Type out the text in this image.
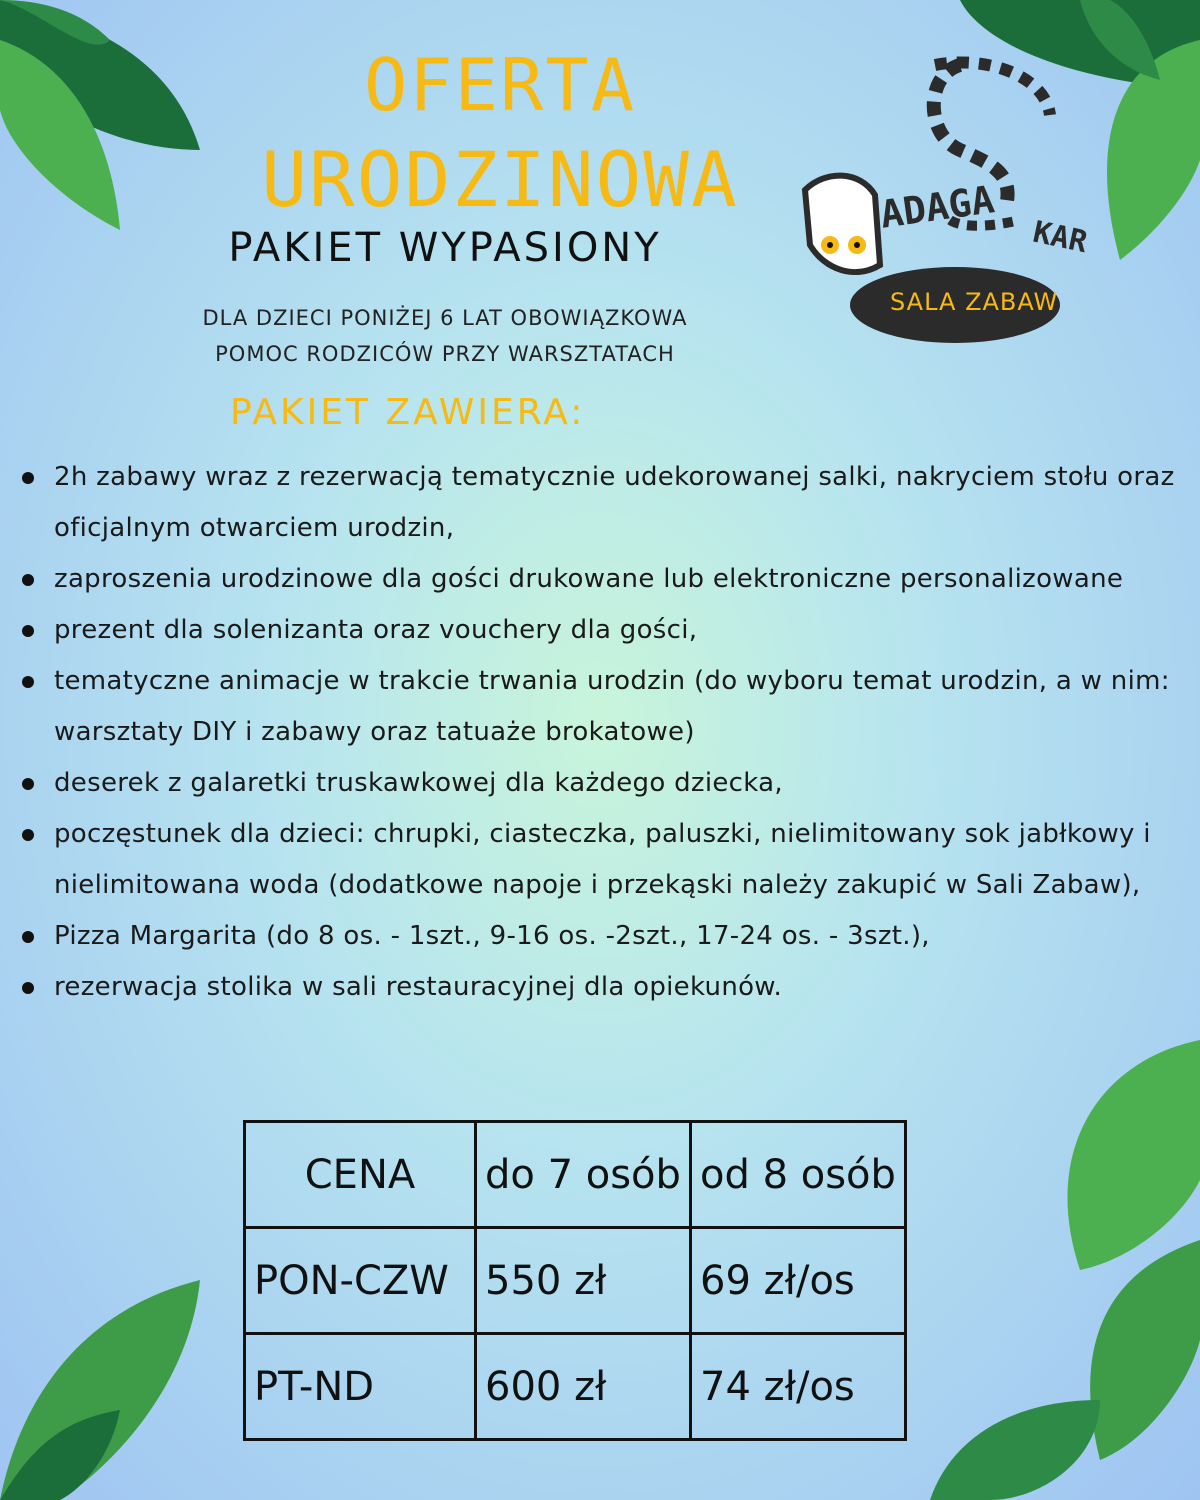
OFERTA
URODZINOWA
PAKIET WYPASIONY
DLA DZIECI PONIŻEJ 6 LAT OBOWIĄZKOWA
POMOC RODZICÓW PRZY WARSZTATACH
ADAGA
KAR
SALA ZABAW
PAKIET ZAWIERA:
2h zabawy wraz z rezerwacją tematycznie udekorowanej salki, nakryciem stołu oraz oficjalnym otwarciem urodzin,
zaproszenia urodzinowe dla gości drukowane lub elektroniczne personalizowane
prezent dla solenizanta oraz vouchery dla gości,
tematyczne animacje w trakcie trwania urodzin (do wyboru temat urodzin, a w nim: warsztaty DIY i zabawy oraz tatuaże brokatowe)
deserek z galaretki truskawkowej dla każdego dziecka,
poczęstunek dla dzieci: chrupki, ciasteczka, paluszki, nielimitowany sok jabłkowy i nielimitowana woda (dodatkowe napoje i przekąski należy zakupić w Sali Zabaw),
Pizza Margarita (do 8 os. - 1szt., 9-16 os. -2szt., 17-24 os. - 3szt.),
rezerwacja stolika w sali restauracyjnej dla opiekunów.
CENA	do 7 osób	od 8 osób
PON-CZW	550 zł	69 zł/os
PT-ND	600 zł	74 zł/os
